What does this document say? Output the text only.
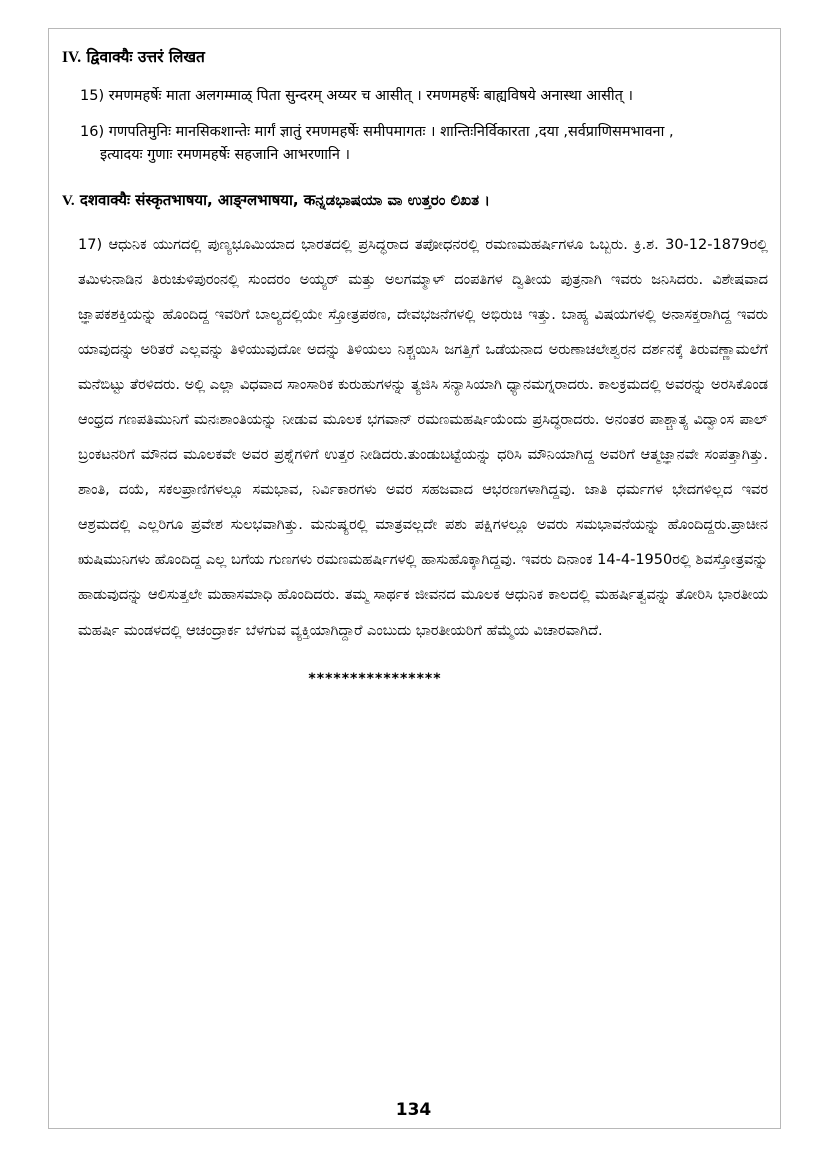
IV. द्विवाक्यैः उत्तरं लिखत
15) रमणमहर्षेः माता अलगम्माळ् पिता सुन्दरम् अय्यर च आसीत् । रमणमहर्षेः बाह्यविषये अनास्था आसीत् ।
16) गणपतिमुनिः मानसिकशान्तेः मार्गं ज्ञातुं रमणमहर्षेः समीपमागतः । शान्तिःनिर्विकारता ,दया ,सर्वप्राणिसमभावना ,
इत्यादयः गुणाः रमणमहर्षेः सहजानि आभरणानि ।
V. दशवाक्यैः संस्कृतभाषया, आङ्ग्लभाषया, कನ್ನಡಭಾಷಯಾ ವಾ ಉತ್ತರಂ ಲಿಖತ ।
17) ಆಧುನಿಕ ಯುಗದಲ್ಲಿ ಪುಣ್ಯಭೂಮಿಯಾದ ಭಾರತದಲ್ಲಿ ಪ್ರಸಿದ್ಧರಾದ ತಪೋಧನರಲ್ಲಿ ರಮಣಮಹರ್ಷಿಗಳೂ ಒಬ್ಬರು. ಕ್ರಿ.ಶ. 30-12-1879ರಲ್ಲಿ ತಮಿಳುನಾಡಿನ ತಿರುಚುಳಿಪುರಂನಲ್ಲಿ ಸುಂದರಂ ಅಯ್ಯರ್ ಮತ್ತು ಅಲಗಮ್ಮಾಳ್ ದಂಪತಿಗಳ ದ್ವಿತೀಯ ಪುತ್ರನಾಗಿ ಇವರು ಜನಿಸಿದರು. ವಿಶೇಷವಾದ ಜ್ಞಾಪಕಶಕ್ತಿಯನ್ನು ಹೊಂದಿದ್ದ ಇವರಿಗೆ ಬಾಲ್ಯದಲ್ಲಿಯೇ ಸ್ತೋತ್ರಪಠಣ, ದೇವಭಜನೆಗಳಲ್ಲಿ ಅಭಿರುಚಿ ಇತ್ತು. ಬಾಹ್ಯ ವಿಷಯಗಳಲ್ಲಿ ಅನಾಸಕ್ತರಾಗಿದ್ದ ಇವರು ಯಾವುದನ್ನು ಅರಿತರೆ ಎಲ್ಲವನ್ನು ತಿಳಿಯುವುದೋ ಅದನ್ನು ತಿಳಿಯಲು ನಿಶ್ಚಯಿಸಿ ಜಗತ್ತಿಗೆ ಒಡೆಯನಾದ ಅರುಣಾಚಲೇಶ್ವರನ ದರ್ಶನಕ್ಕೆ ತಿರುವಣ್ಣಾಮಲೆಗೆ ಮನೆಬಿಟ್ಟು ತೆರಳಿದರು. ಅಲ್ಲಿ ಎಲ್ಲಾ ವಿಧವಾದ ಸಾಂಸಾರಿಕ ಕುರುಹುಗಳನ್ನು ತ್ಯಜಿಸಿ ಸನ್ಯಾಸಿಯಾಗಿ ಧ್ಯಾನಮಗ್ನರಾದರು. ಕಾಲಕ್ರಮದಲ್ಲಿ ಅವರನ್ನು ಅರಸಿಕೊಂಡ ಆಂಧ್ರದ ಗಣಪತಿಮುನಿಗೆ ಮನಃಶಾಂತಿಯನ್ನು ನೀಡುವ ಮೂಲಕ ಭಗವಾನ್ ರಮಣಮಹರ್ಷಿಯೆಂದು ಪ್ರಸಿದ್ಧರಾದರು. ಅನಂತರ ಪಾಶ್ಚಾತ್ಯ ವಿದ್ವಾಂಸ ಪಾಲ್ ಬ್ರಂಕಟನರಿಗೆ ಮೌನದ ಮೂಲಕವೇ ಅವರ ಪ್ರಶ್ನೆಗಳಿಗೆ ಉತ್ತರ ನೀಡಿದರು.ತುಂಡುಬಟ್ಟೆಯನ್ನು ಧರಿಸಿ ಮೌನಿಯಾಗಿದ್ದ ಅವರಿಗೆ ಆತ್ಮಜ್ಞಾನವೇ ಸಂಪತ್ತಾಗಿತ್ತು. ಶಾಂತಿ, ದಯೆ, ಸಕಲಪ್ರಾಣಿಗಳಲ್ಲೂ ಸಮಭಾವ, ನಿರ್ವಿಕಾರಗಳು ಅವರ ಸಹಜವಾದ ಆಭರಣಗಳಾಗಿದ್ದವು. ಜಾತಿ ಧರ್ಮಗಳ ಭೇದಗಳಿಲ್ಲದ ಇವರ ಆಶ್ರಮದಲ್ಲಿ ಎಲ್ಲರಿಗೂ ಪ್ರವೇಶ ಸುಲಭವಾಗಿತ್ತು. ಮನುಷ್ಯರಲ್ಲಿ ಮಾತ್ರವಲ್ಲದೇ ಪಶು ಪಕ್ಷಿಗಳಲ್ಲೂ ಅವರು ಸಮಭಾವನೆಯನ್ನು ಹೊಂದಿದ್ದರು.ಪ್ರಾಚೀನ ಋಷಿಮುನಿಗಳು ಹೊಂದಿದ್ದ ಎಲ್ಲ ಬಗೆಯ ಗುಣಗಳು ರಮಣಮಹರ್ಷಿಗಳಲ್ಲಿ ಹಾಸುಹೊಕ್ಕಾಗಿದ್ದವು. ಇವರು ದಿನಾಂಕ 14-4-1950ರಲ್ಲಿ ಶಿವಸ್ತೋತ್ರವನ್ನು ಹಾಡುವುದನ್ನು ಆಲಿಸುತ್ತಲೇ ಮಹಾಸಮಾಧಿ ಹೊಂದಿದರು. ತಮ್ಮ ಸಾರ್ಥಕ ಜೀವನದ ಮೂಲಕ ಆಧುನಿಕ ಕಾಲದಲ್ಲಿ ಮಹರ್ಷಿತ್ವವನ್ನು ತೋರಿಸಿ ಭಾರತೀಯ ಮಹರ್ಷಿ ಮಂಡಳದಲ್ಲಿ ಆಚಂದ್ರಾರ್ಕ ಬೆಳಗುವ ವ್ಯಕ್ತಿಯಾಗಿದ್ದಾರೆ ಎಂಬುದು ಭಾರತೀಯರಿಗೆ ಹೆಮ್ಮೆಯ ವಿಚಾರವಾಗಿದೆ.
****************
134
